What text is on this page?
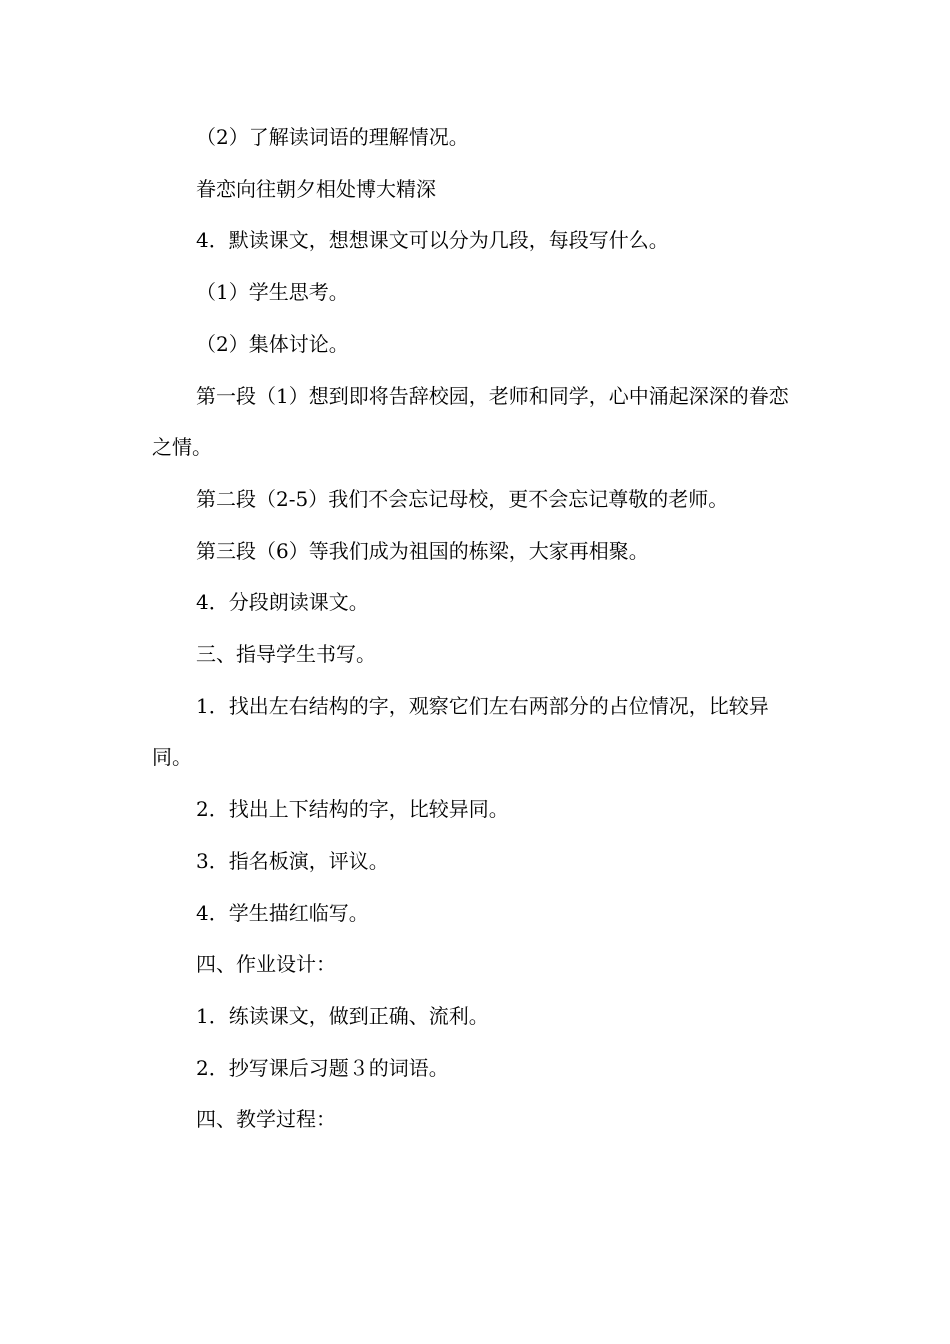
（2）了解读词语的理解情况。

眷恋向往朝夕相处博大精深

4．默读课文，想想课文可以分为几段，每段写什么。

（1）学生思考。

（2）集体讨论。

第一段（1）想到即将告辞校园，老师和同学，心中涌起深深的眷恋之情。

第二段（2-5）我们不会忘记母校，更不会忘记尊敬的老师。

第三段（6）等我们成为祖国的栋梁，大家再相聚。

4．分段朗读课文。

三、指导学生书写。

1．找出左右结构的字，观察它们左右两部分的占位情况，比较异同。

2．找出上下结构的字，比较异同。

3．指名板演，评议。

4．学生描红临写。

四、作业设计：

1．练读课文，做到正确、流利。

2．抄写课后习题３的词语。

四、教学过程：
